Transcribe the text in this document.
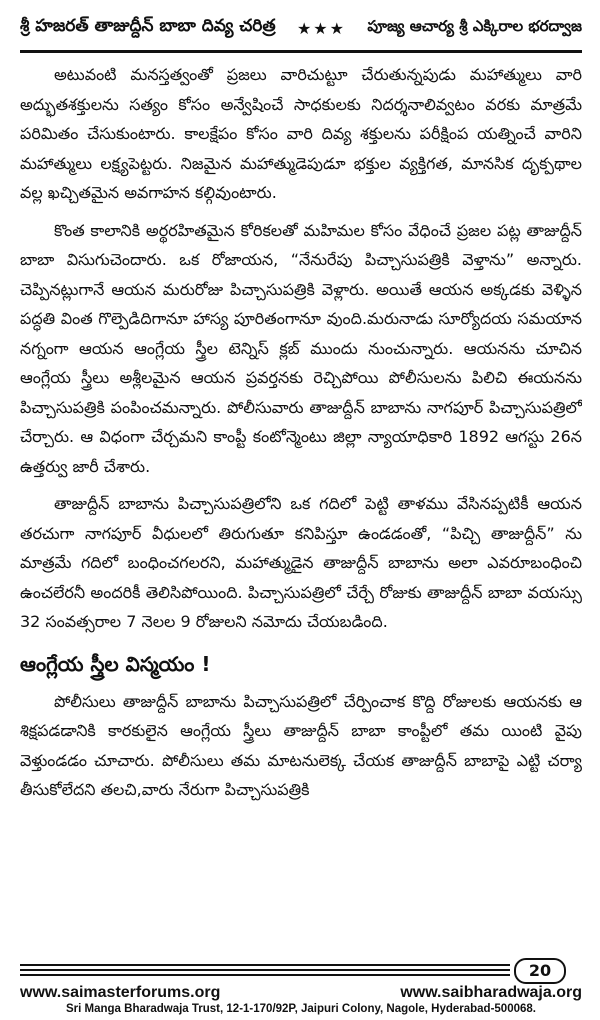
శ్రీ హజరత్ తాజుద్దీన్ బాబా దివ్య చరిత్ర ★★★ పూజ్య ఆచార్య శ్రీ ఎక్కిరాల భరద్వాజ

అటువంటి మనస్తత్వంతో ప్రజలు వారిచుట్టూ చేరుతున్నపుడు మహాత్ములు వారి అద్భుతశక్తులను సత్యం కోసం అన్వేషించే సాధకులకు నిదర్శనాలివ్వటం వరకు మాత్రమే పరిమితం చేసుకుంటారు. కాలక్షేపం కోసం వారి దివ్య శక్తులను పరీక్షింప యత్నించే వారిని మహాత్ములు లక్ష్యపెట్టరు. నిజమైన మహాత్ముడెపుడూ భక్తుల వ్యక్తిగత, మానసిక దృక్పథాల వల్ల ఖచ్చితమైన అవగాహన కల్గివుంటారు.

కొంత కాలానికి అర్థరహితమైన కోరికలతో మహిమల కోసం వేధించే ప్రజల పట్ల తాజుద్దీన్ బాబా విసుగుచెందారు. ఒక రోజాయన, “నేనురేపు పిచ్చాసుపత్రికి వెళ్తాను” అన్నారు. చెప్పినట్లుగానే ఆయన మరురోజు పిచ్చాసుపత్రికి వెళ్లారు. అయితే ఆయన అక్కడకు వెళ్ళిన పద్ధతి వింత గొల్పెడిదిగానూ హాస్య పూరితంగానూ వుంది.మరునాడు సూర్యోదయ సమయాన నగ్నంగా ఆయన ఆంగ్లేయ స్త్రీల టెన్నిస్ క్లబ్ ముందు నుంచున్నారు. ఆయనను చూచిన ఆంగ్లేయ స్త్రీలు అశ్లీలమైన ఆయన ప్రవర్తనకు రెచ్చిపోయి పోలీసులను పిలిచి ఈయనను పిచ్చాసుపత్రికి పంపించమన్నారు. పోలీసువారు తాజుద్దీన్ బాబాను నాగపూర్ పిచ్చాసుపత్రిలో చేర్చారు. ఆ విధంగా చేర్చమని కాంప్టీ కంటోన్మెంటు జిల్లా న్యాయాధికారి 1892 ఆగస్టు 26న ఉత్తర్వు జారీ చేశారు.

తాజుద్దీన్ బాబాను పిచ్చాసుపత్రిలోని ఒక గదిలో పెట్టి తాళము వేసినప్పటికీ ఆయన తరచుగా నాగపూర్ వీధులలో తిరుగుతూ కనిపిస్తూ ఉండడంతో, “పిచ్చి తాజుద్దీన్” ను మాత్రమే గదిలో బంధించగలరని, మహాత్ముడైన తాజుద్దీన్ బాబాను అలా ఎవరూబంధించి ఉంచలేరనీ అందరికీ తెలిసిపోయింది. పిచ్చాసుపత్రిలో చేర్చే రోజుకు తాజుద్దీన్ బాబా వయస్సు 32 సంవత్సరాల 7 నెలల 9 రోజులని నమోదు చేయబడింది.

ఆంగ్లేయ స్త్రీల విస్మయం !

పోలీసులు తాజుద్దీన్ బాబాను పిచ్చాసుపత్రిలో చేర్పించాక కొద్ది రోజులకు ఆయనకు ఆ శిక్షపడడానికి కారకులైన ఆంగ్లేయ స్త్రీలు తాజుద్దీన్ బాబా కాంప్టీలో తమ యింటి వైపు వెళ్తుండడం చూచారు. పోలీసులు తమ మాటనులెక్క చేయక తాజుద్దీన్ బాబాపై ఎట్టి చర్యా తీసుకోలేదని తలచి,వారు నేరుగా పిచ్చాసుపత్రికి

20
www.saimasterforums.org	www.saibharadwaja.org
Sri Manga Bharadwaja Trust, 12-1-170/92P, Jaipuri Colony, Nagole, Hyderabad-500068.
